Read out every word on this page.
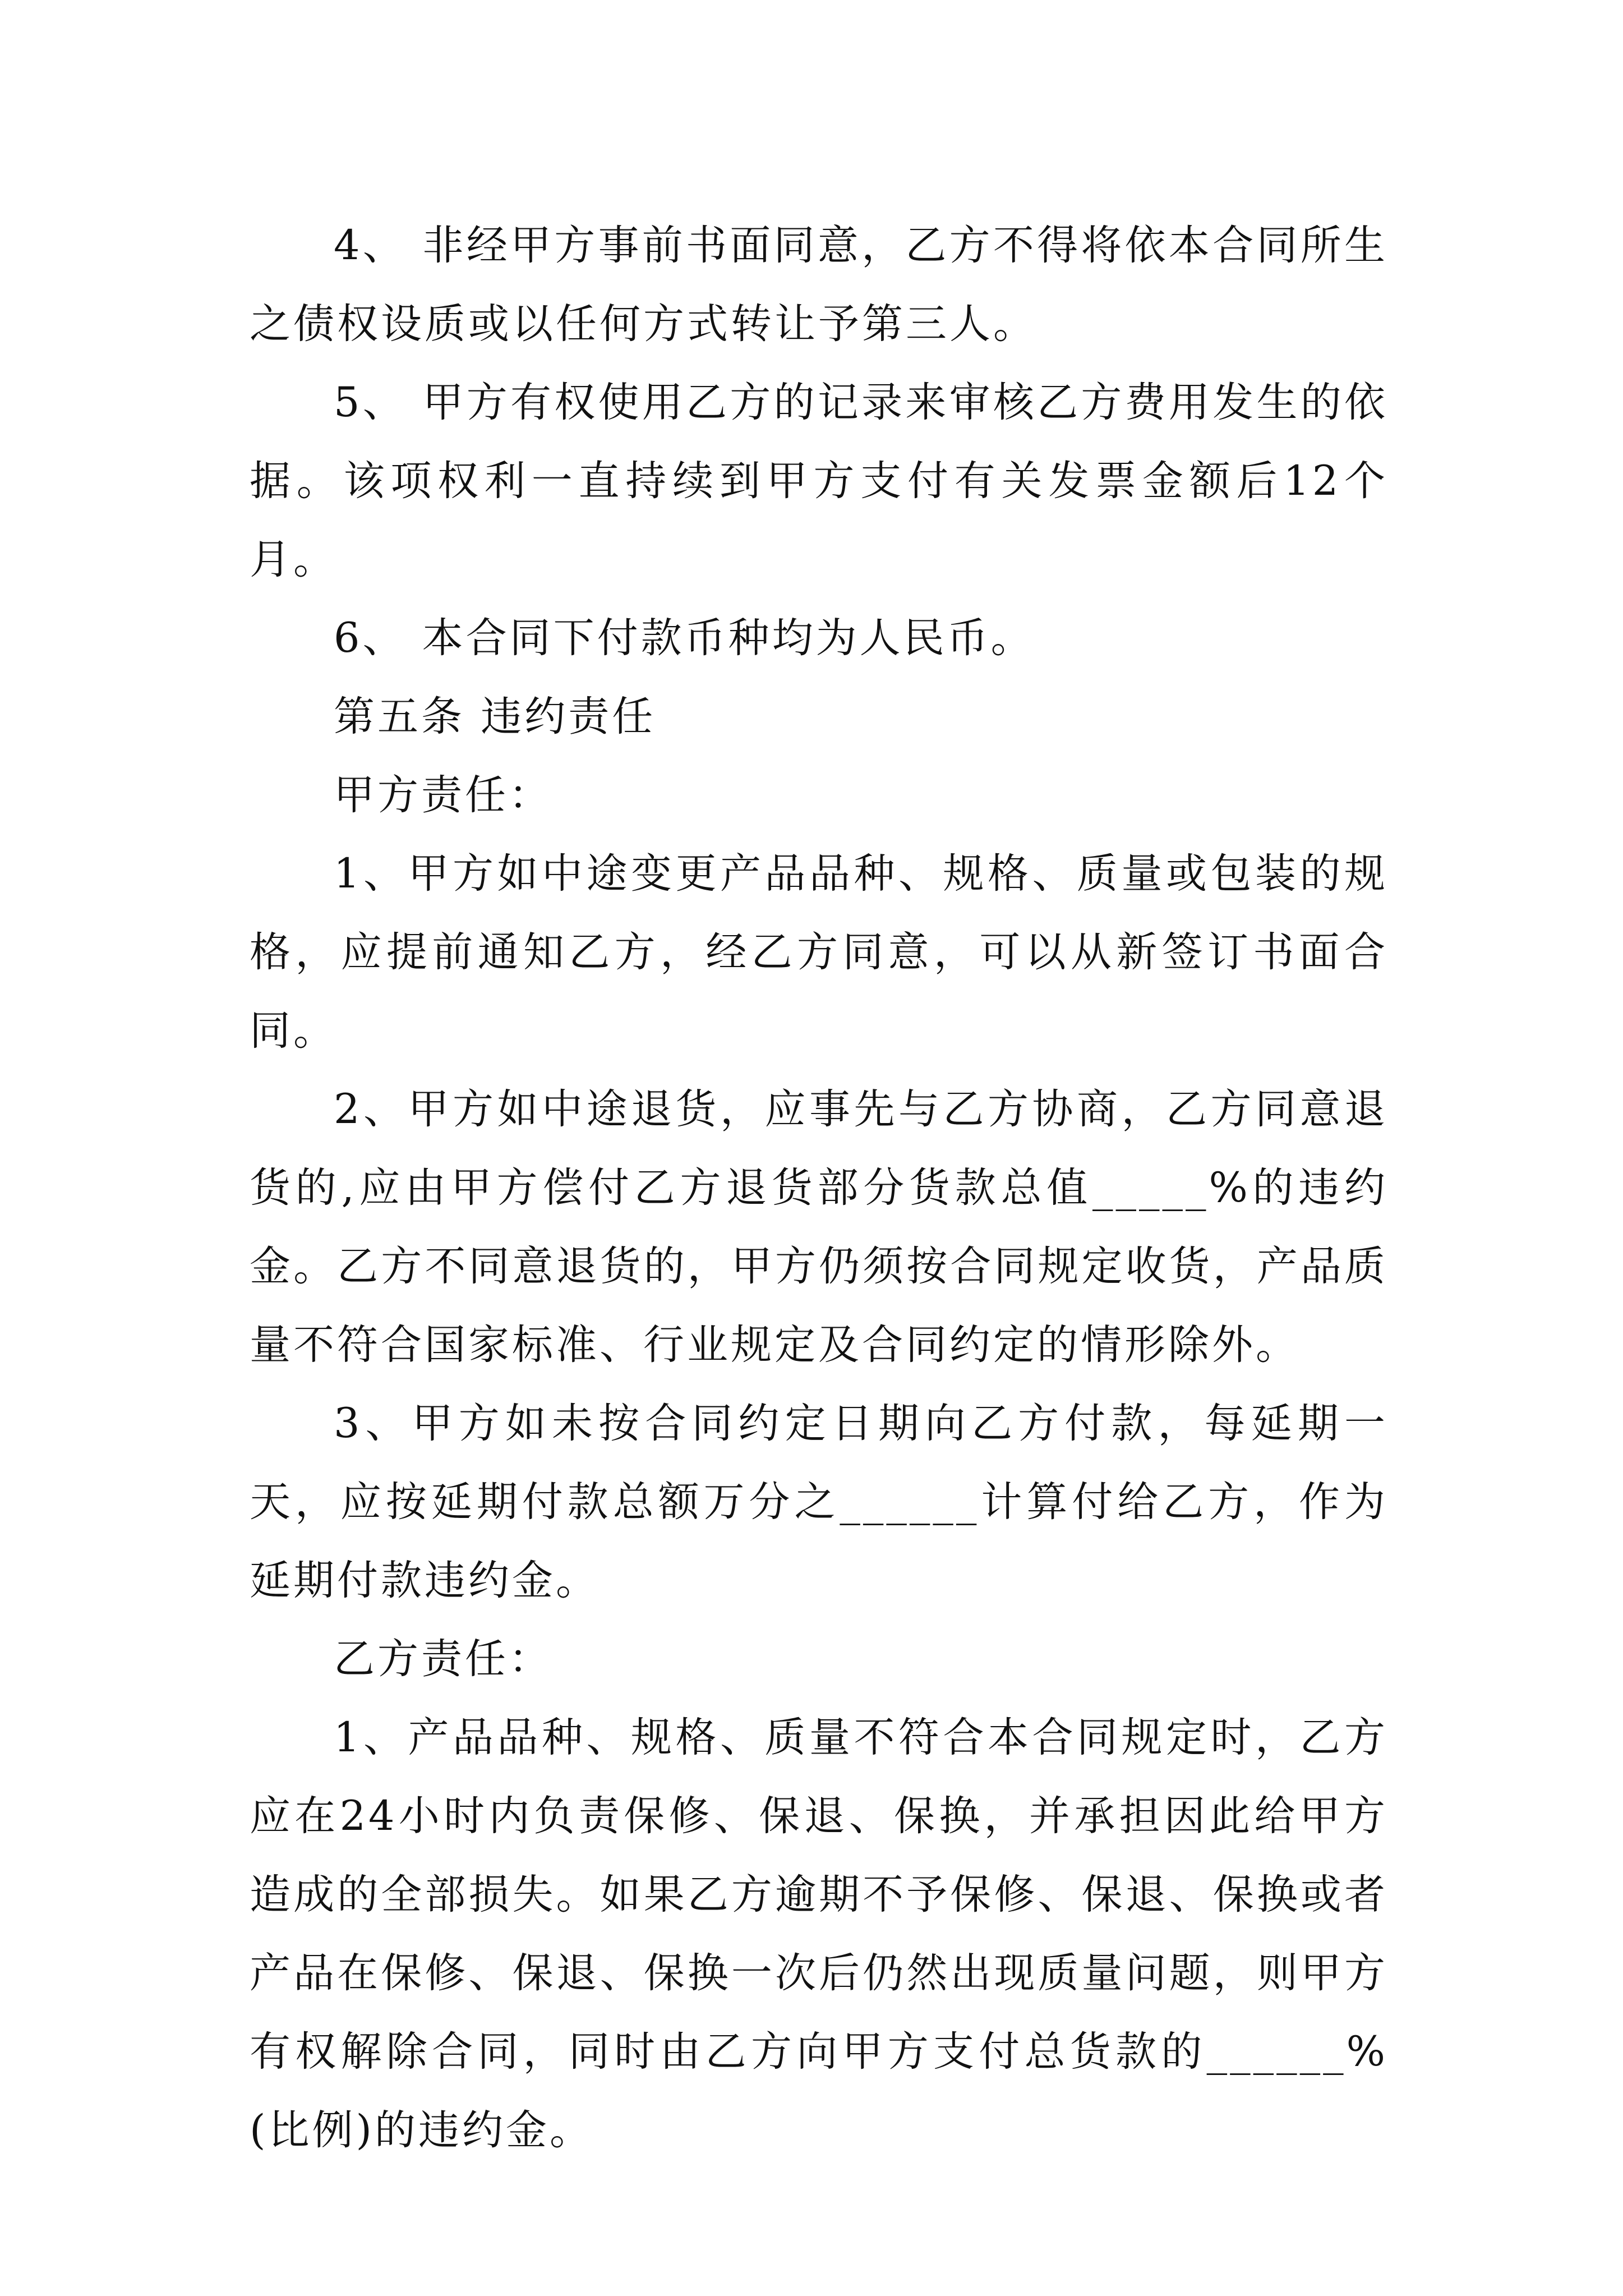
4、 非经甲方事前书面同意，乙方不得将依本合同所生之债权设质或以任何方式转让予第三人。

5、 甲方有权使用乙方的记录来审核乙方费用发生的依据。该项权利一直持续到甲方支付有关发票金额后12个月。

6、 本合同下付款币种均为人民币。

第五条 违约责任

甲方责任：

1、甲方如中途变更产品品种、规格、质量或包装的规格，应提前通知乙方，经乙方同意，可以从新签订书面合同。

2、甲方如中途退货，应事先与乙方协商，乙方同意退货的,应由甲方偿付乙方退货部分货款总值_____%的违约金。乙方不同意退货的，甲方仍须按合同规定收货，产品质量不符合国家标准、行业规定及合同约定的情形除外。

3、甲方如未按合同约定日期向乙方付款，每延期一天，应按延期付款总额万分之______计算付给乙方，作为延期付款违约金。

乙方责任：

1、产品品种、规格、质量不符合本合同规定时，乙方应在24小时内负责保修、保退、保换，并承担因此给甲方造成的全部损失。如果乙方逾期不予保修、保退、保换或者产品在保修、保退、保换一次后仍然出现质量问题，则甲方有权解除合同，同时由乙方向甲方支付总货款的______%(比例)的违约金。
